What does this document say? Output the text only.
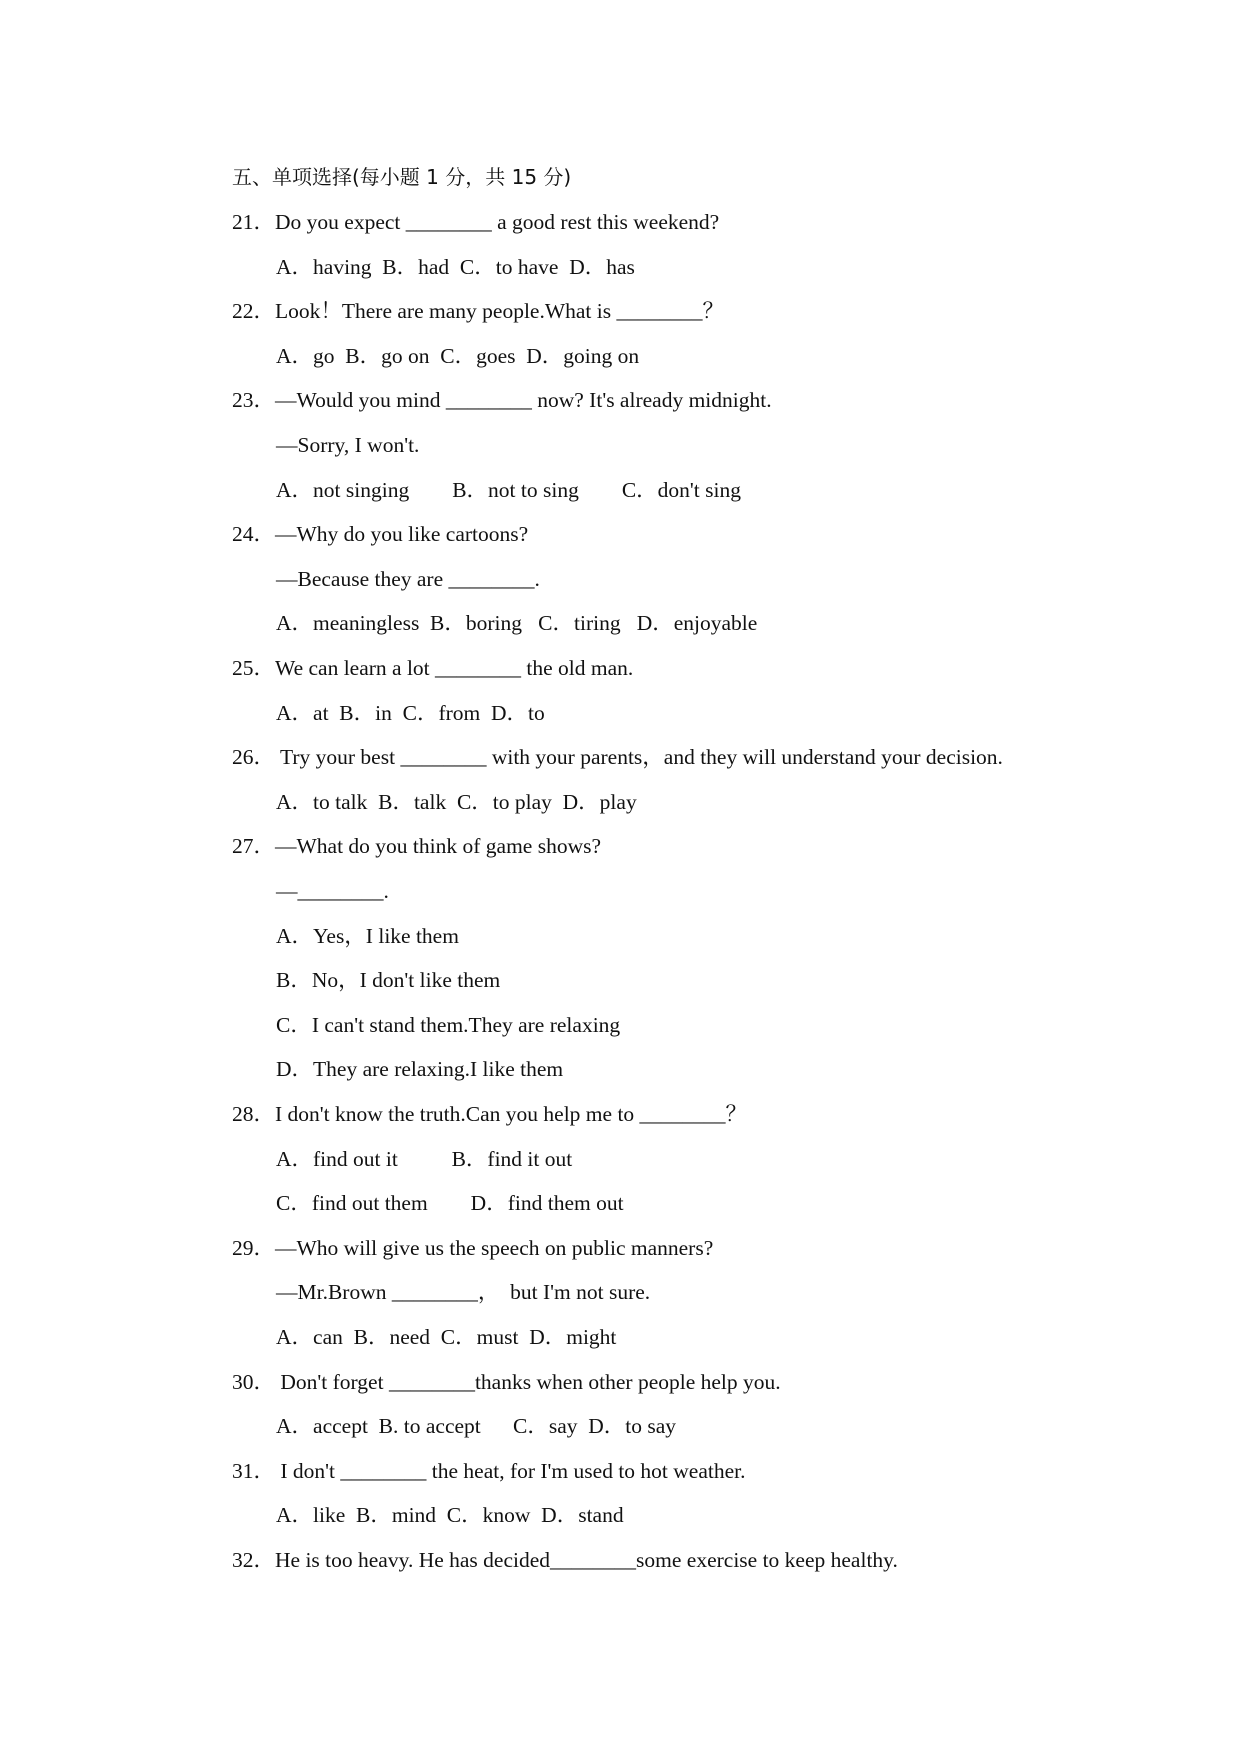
五、单项选择(每小题 1 分，共 15 分)
21．Do you expect ________ a good rest this weekend?
A．having  B．had  C．to have  D．has
22．Look！There are many people.What is ________？
A．go  B．go on  C．goes  D．going on
23．—Would you mind ________ now? It's already midnight.
—Sorry, I won't.
A．not singing        B．not to sing        C．don't sing
24．—Why do you like cartoons?
—Because they are ________.
A．meaningless  B．boring   C．tiring   D．enjoyable
25．We can learn a lot ________ the old man.
A．at  B．in  C．from  D．to
26． Try your best ________ with your parents，and they will understand your decision.
A．to talk  B．talk  C．to play  D．play
27．—What do you think of game shows?
—________.
A．Yes，I like them
B．No，I don't like them
C．I can't stand them.They are relaxing
D．They are relaxing.I like them
28．I don't know the truth.Can you help me to ________？
A．find out it          B．find it out
C．find out them        D．find them out
29．—Who will give us the speech on public manners?
—Mr.Brown ________，  but I'm not sure.
A．can  B．need  C．must  D．might
30． Don't forget ________thanks when other people help you.
A．accept  B. to accept      C．say  D．to say
31． I don't ________ the heat, for I'm used to hot weather.
A．like  B．mind  C．know  D．stand
32．He is too heavy. He has decided________some exercise to keep healthy.
